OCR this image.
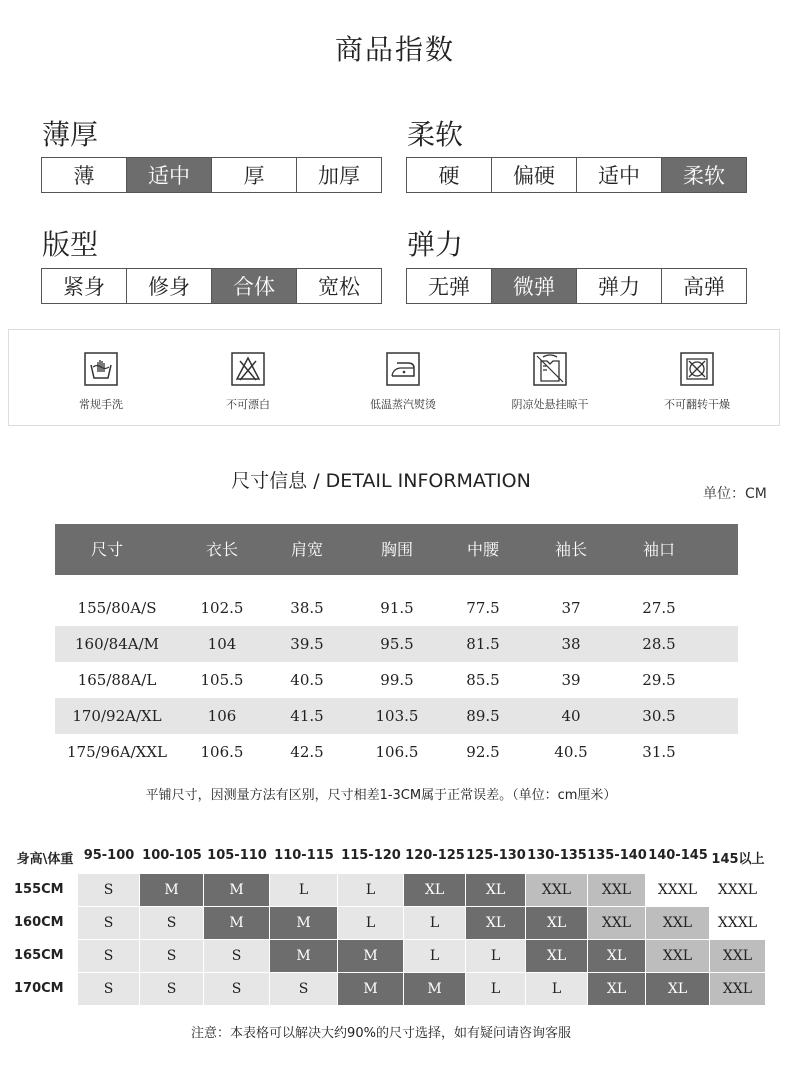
商品指数
薄厚
薄	适中	厚	加厚
柔软
硬	偏硬	适中	柔软
版型
紧身	修身	合体	宽松
弹力
无弹	微弹	弹力	高弹
常规手洗	不可漂白	低温蒸汽熨烫	阴凉处悬挂晾干	不可翻转干燥
尺寸信息 / DETAIL INFORMATION
单位：CM
尺寸	衣长	肩宽	胸围	中腰	袖长	袖口
155/80A/S	102.5	38.5	91.5	77.5	37	27.5
160/84A/M	104	39.5	95.5	81.5	38	28.5
165/88A/L	105.5	40.5	99.5	85.5	39	29.5
170/92A/XL	106	41.5	103.5	89.5	40	30.5
175/96A/XXL	106.5	42.5	106.5	92.5	40.5	31.5
平铺尺寸，因测量方法有区别，尺寸相差1-3CM属于正常误差。（单位：cm厘米）
身高\体重 95-100 100-105 105-110 110-115 115-120 120-125 125-130 130-135 135-140 140-145 145以上
155CM	S	M	M	L	L	XL	XL	XXL	XXL	XXXL	XXXL
160CM	S	S	M	M	L	L	XL	XL	XXL	XXL	XXXL
165CM	S	S	S	M	M	L	L	XL	XL	XXL	XXL
170CM	S	S	S	S	M	M	L	L	XL	XL	XXL
注意：本表格可以解决大约90%的尺寸选择，如有疑问请咨询客服
